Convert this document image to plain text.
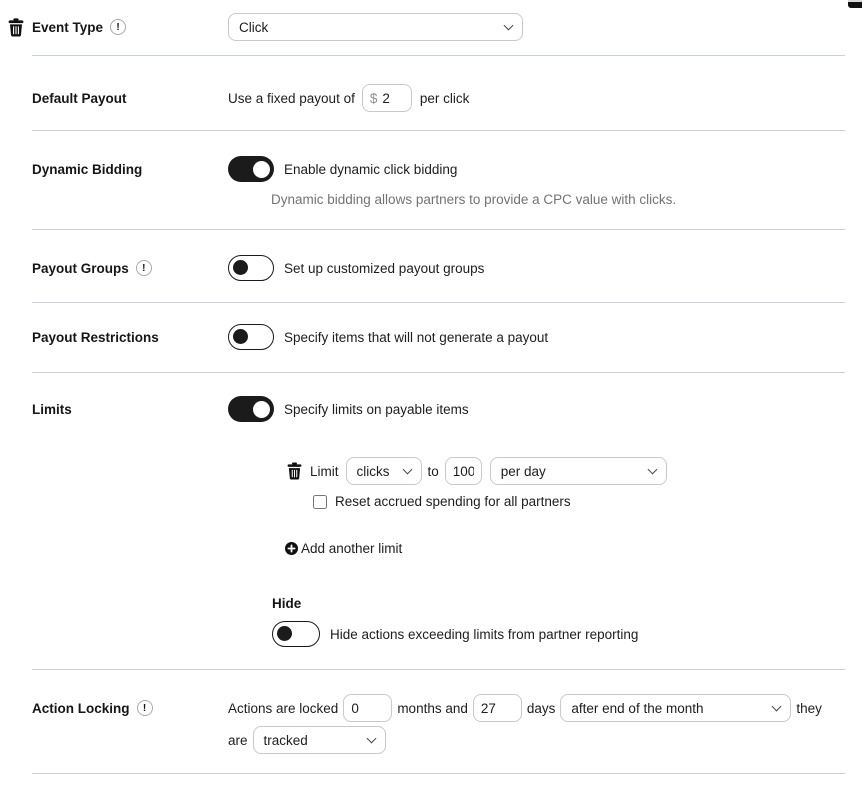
Event Type	!	Click
Default Payout	Use a fixed payout of $
2	per click
Dynamic Bidding	Enable dynamic click bidding
Dynamic bidding allows partners to provide a CPC value with clicks.
Payout Groups	!	Set up customized payout groups
Payout Restrictions	Specify items that will not generate a payout
Limits	Specify limits on payable items
Limit clicks	to
100	per day
Reset accrued spending for all partners
Add another limit
Hide
Hide actions exceeding limits from partner reporting
Action Locking	!	Actions are locked
0	months and
27	days after end of the month	they
are tracked
